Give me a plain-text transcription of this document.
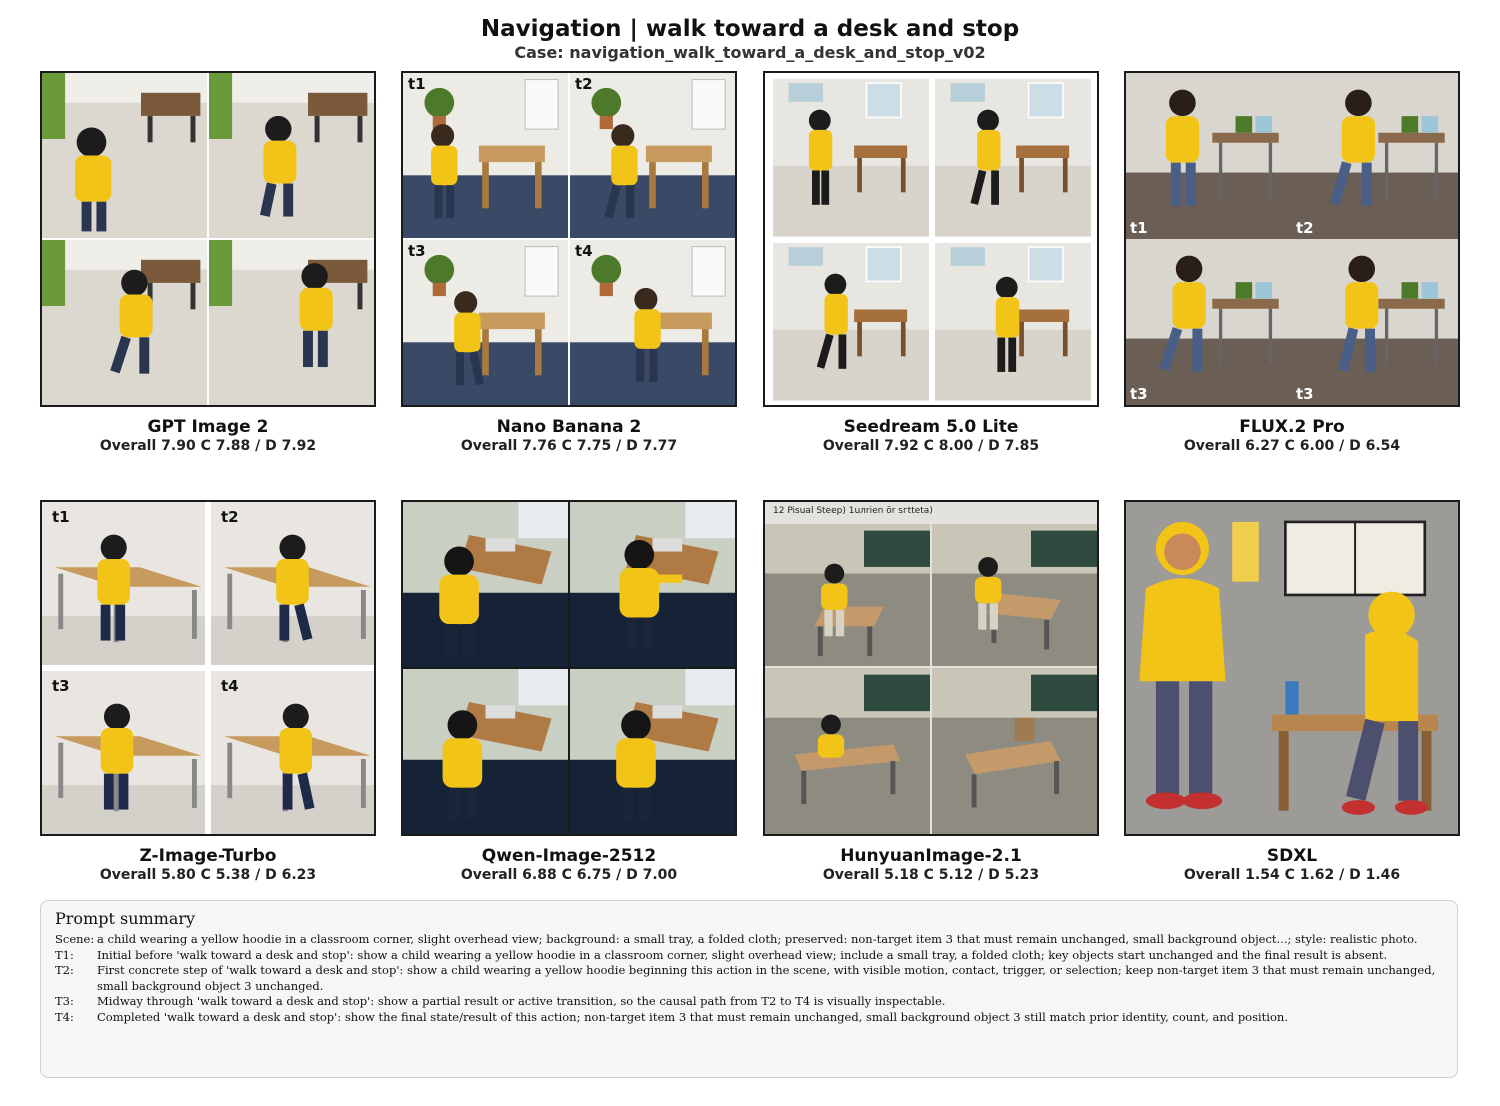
Navigation | walk toward a desk and stop
Case: navigation_walk_toward_a_desk_and_stop_v02
GPT Image 2
Overall 7.90 C 7.88 / D 7.92
t1	t2
t3	t4
Nano Banana 2
Overall 7.76 C 7.75 / D 7.77
Seedream 5.0 Lite
Overall 7.92 C 8.00 / D 7.85
t1	t2
t3	t3
FLUX.2 Pro
Overall 6.27 C 6.00 / D 6.54
t1	t2
t3	t4
Z-Image-Turbo
Overall 5.80 C 5.38 / D 6.23
Qwen-Image-2512
Overall 6.88 C 6.75 / D 7.00
12 Pisual Steep) 1uлrien ör sгtteta)
HunyuanImage-2.1
Overall 5.18 C 5.12 / D 5.23
SDXL
Overall 1.54 C 1.62 / D 1.46
Prompt summary
Scene: a child wearing a yellow hoodie in a classroom corner, slight overhead view; background: a small tray, a folded cloth; preserved: non-target item 3 that must remain unchanged, small background object...; style: realistic photo.
T1:	Initial before 'walk toward a desk and stop': show a child wearing a yellow hoodie in a classroom corner, slight overhead view; include a small tray, a folded cloth; key objects start unchanged and the final result is absent.
T2:	First concrete step of 'walk toward a desk and stop': show a child wearing a yellow hoodie beginning this action in the scene, with visible motion, contact, trigger, or selection; keep non-target item 3 that must remain unchanged, small background object 3 unchanged.
T3:	Midway through 'walk toward a desk and stop': show a partial result or active transition, so the causal path from T2 to T4 is visually inspectable.
T4:	Completed 'walk toward a desk and stop': show the final state/result of this action; non-target item 3 that must remain unchanged, small background object 3 still match prior identity, count, and position.
